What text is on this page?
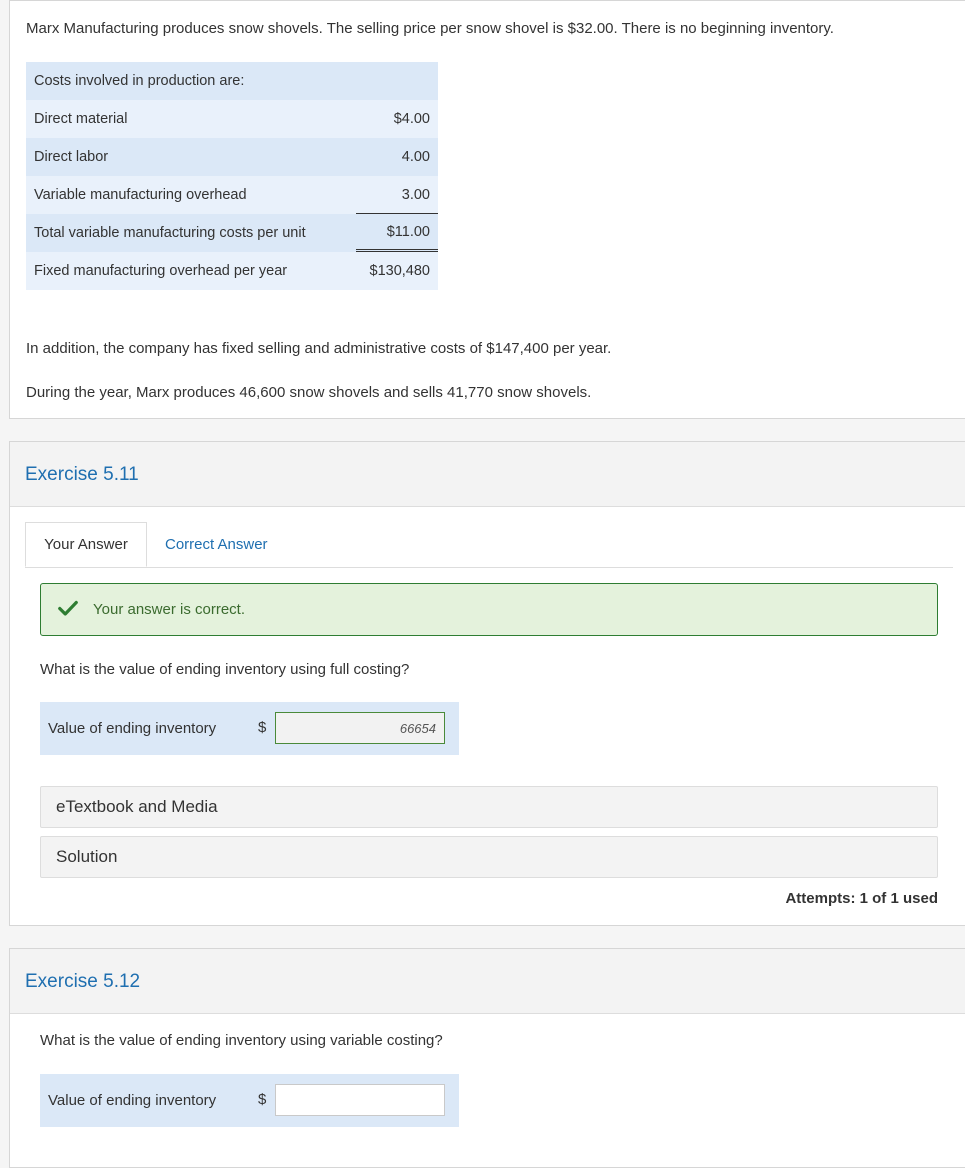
Marx Manufacturing produces snow shovels. The selling price per snow shovel is $32.00. There is no beginning inventory.
Costs involved in production are:
Direct material	$4.00
Direct labor	4.00
Variable manufacturing overhead	3.00
Total variable manufacturing costs per unit	$11.00
Fixed manufacturing overhead per year	$130,480
In addition, the company has fixed selling and administrative costs of $147,400 per year.
During the year, Marx produces 46,600 snow shovels and sells 41,770 snow shovels.
Exercise 5.11
Your Answer	Correct Answer
Your answer is correct.
What is the value of ending inventory using full costing?
Value of ending inventory	$
66654
eTextbook and Media
Solution
Attempts: 1 of 1 used
Exercise 5.12
What is the value of ending inventory using variable costing?
Value of ending inventory	$
